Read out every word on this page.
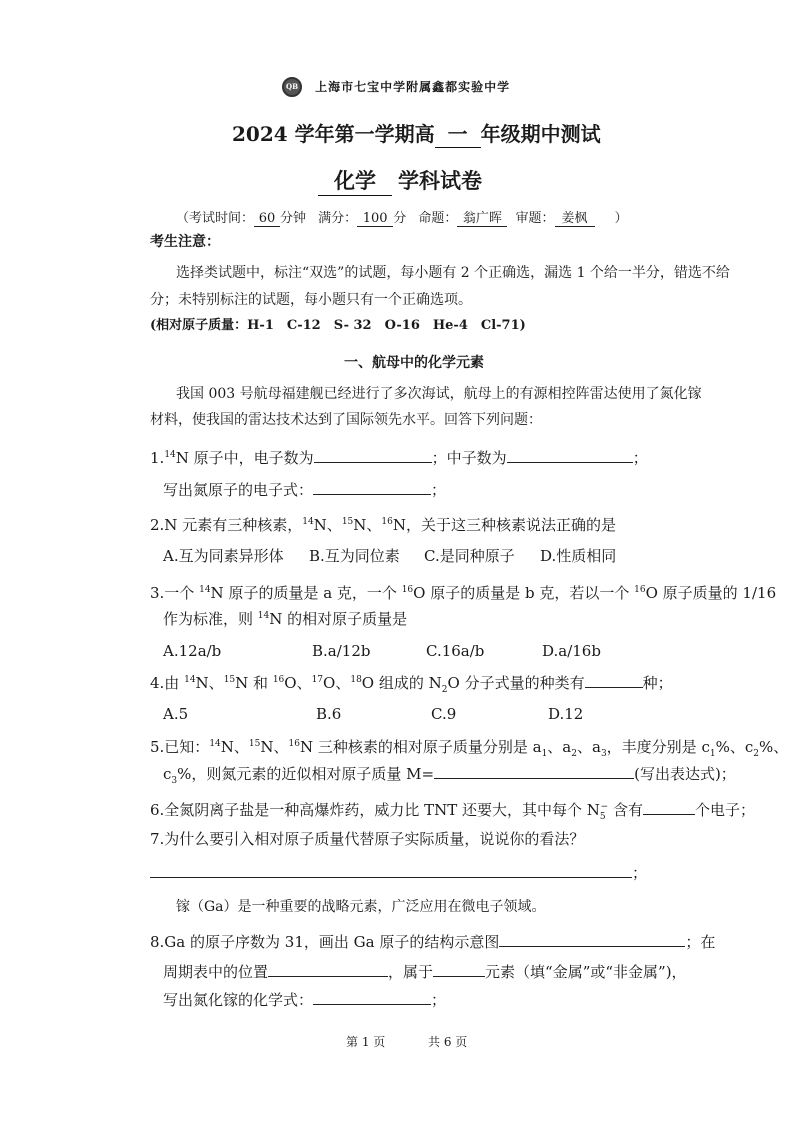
QB 上海市七宝中学附属鑫都实验中学
2024 学年第一学期高 一 年级期中测试
化学 学科试卷
（考试时间： 60 分钟 满分： 100 分 命题： 翁广晖 审题： 姜枫 ）
考生注意：
选择类试题中，标注“双选”的试题，每小题有 2 个正确选，漏选 1 个给一半分，错选不给
分；未特别标注的试题，每小题只有一个正确选项。
(相对原子质量：H-1　C-12　S- 32　O-16　He-4　Cl-71)
一、航母中的化学元素
我国 003 号航母福建舰已经进行了多次海试，航母上的有源相控阵雷达使用了氮化镓
材料，使我国的雷达技术达到了国际领先水平。回答下列问题：
1.14N 原子中，电子数为	；中子数为	；
写出氮原子的电子式：	；
2.N 元素有三种核素，$^{14}$N、$^{15}$N、$^{16}$N，关于这三种核素说法正确的是
A.互为同素异形体 B.互为同位素 C.是同种原子 D.性质相同
3.一个 $^{14}$N 原子的质量是 a 克，一个 $^{16}$O 原子的质量是 b 克，若以一个 $^{16}$O 原子质量的 1/16
作为标准，则 $^{14}$N 的相对原子质量是
A.12a/b	B.a/12b	C.16a/b	D.a/16b
4.由 $^{14}$N、$^{15}$N 和 $^{16}$O、$^{17}$O、$^{18}$O 组成的 $N_2O$ 分子式量的种类有	种；
A.5	B.6	C.9	D.12
5.已知：$^{14}$N、$^{15}$N、$^{16}$N 三种核素的相对原子质量分别是 $a_1$、$a_2$、$a_3$，丰度分别是 $c_1\%$、$c_2\%$、
$c_3\%$，则氮元素的近似相对原子质量 M=	(写出表达式)；
6.全氮阴离子盐是一种高爆炸药，威力比 TNT 还要大，其中每个 $N_5^-$ 含有	个电子；
7.为什么要引入相对原子质量代替原子实际质量，说说你的看法？
；
镓（Ga）是一种重要的战略元素，广泛应用在微电子领域。
8.Ga 的原子序数为 31，画出 Ga 原子的结构示意图	；在
周期表中的位置	，属于	元素（填“金属”或“非金属”)，
写出氮化镓的化学式：	；
第 1 页	共 6 页
